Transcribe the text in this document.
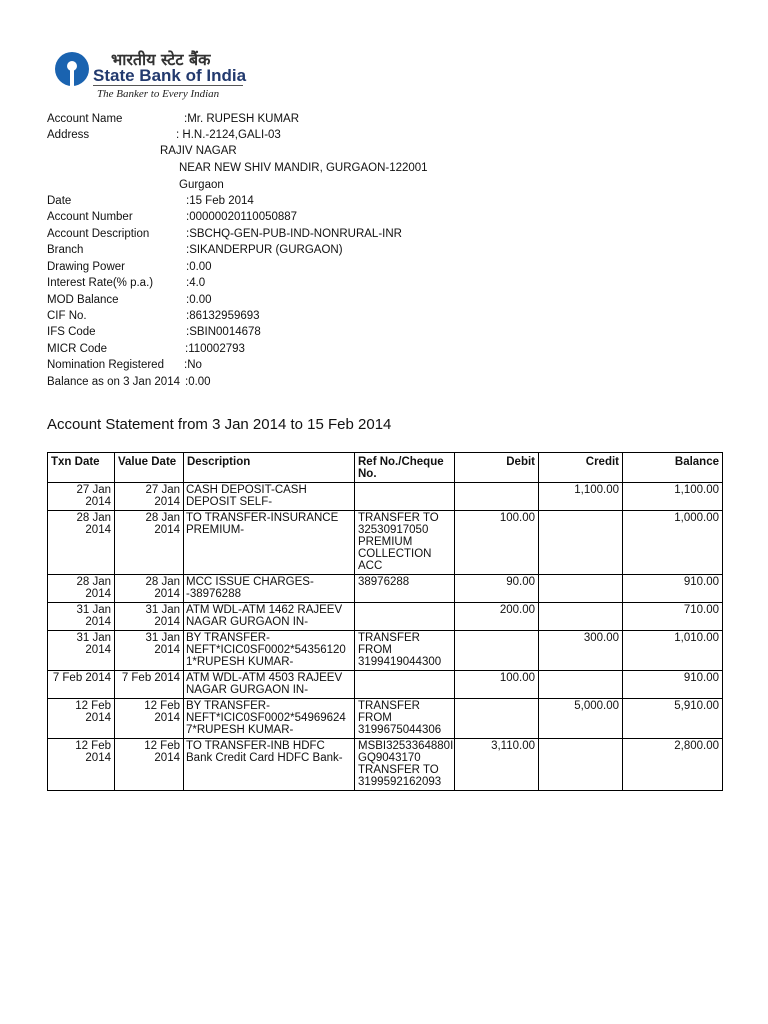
भारतीय स्टेट बैंक
State Bank of India
The Banker to Every Indian
Account Name	:Mr. RUPESH KUMAR
Address	: H.N.-2124,GALI-03
RAJIV NAGAR
NEAR NEW SHIV MANDIR, GURGAON-122001
Gurgaon
Date	:15 Feb 2014
Account Number	:00000020110050887
Account Description	:SBCHQ-GEN-PUB-IND-NONRURAL-INR
Branch	:SIKANDERPUR (GURGAON)
Drawing Power	:0.00
Interest Rate(% p.a.)	:4.0
MOD Balance	:0.00
CIF No.	:86132959693
IFS Code	:SBIN0014678
MICR Code	:110002793
Nomination Registered :No
Balance as on 3 Jan 2014 :0.00
Account Statement from 3 Jan 2014 to 15 Feb 2014
Txn Date	Value Date	Description	Ref No./Cheque No.	Debit	Credit	Balance
27 Jan 2014	27 Jan 2014	CASH DEPOSIT-CASH DEPOSIT SELF-			1,100.00	1,100.00
28 Jan 2014	28 Jan 2014	TO TRANSFER-INSURANCE PREMIUM-	TRANSFER TO 32530917050 PREMIUM COLLECTION ACC	100.00		1,000.00
28 Jan 2014	28 Jan 2014	MCC ISSUE CHARGES--38976288	38976288	90.00		910.00
31 Jan 2014	31 Jan 2014	ATM WDL-ATM 1462 RAJEEV NAGAR GURGAON IN-		200.00		710.00
31 Jan 2014	31 Jan 2014	BY TRANSFER-NEFT*ICIC0SF0002*54356120 1*RUPESH KUMAR-	TRANSFER FROM 3199419044300		300.00	1,010.00
7 Feb 2014	7 Feb 2014	ATM WDL-ATM 4503 RAJEEV NAGAR GURGAON IN-		100.00		910.00
12 Feb 2014	12 Feb 2014	BY TRANSFER-NEFT*ICIC0SF0002*54969624 7*RUPESH KUMAR-	TRANSFER FROM 3199675044306		5,000.00	5,910.00
12 Feb 2014	12 Feb 2014	TO TRANSFER-INB HDFC Bank Credit Card HDFC Bank-	MSBI3253364880I GQ9043170 TRANSFER TO 3199592162093	3,110.00		2,800.00
